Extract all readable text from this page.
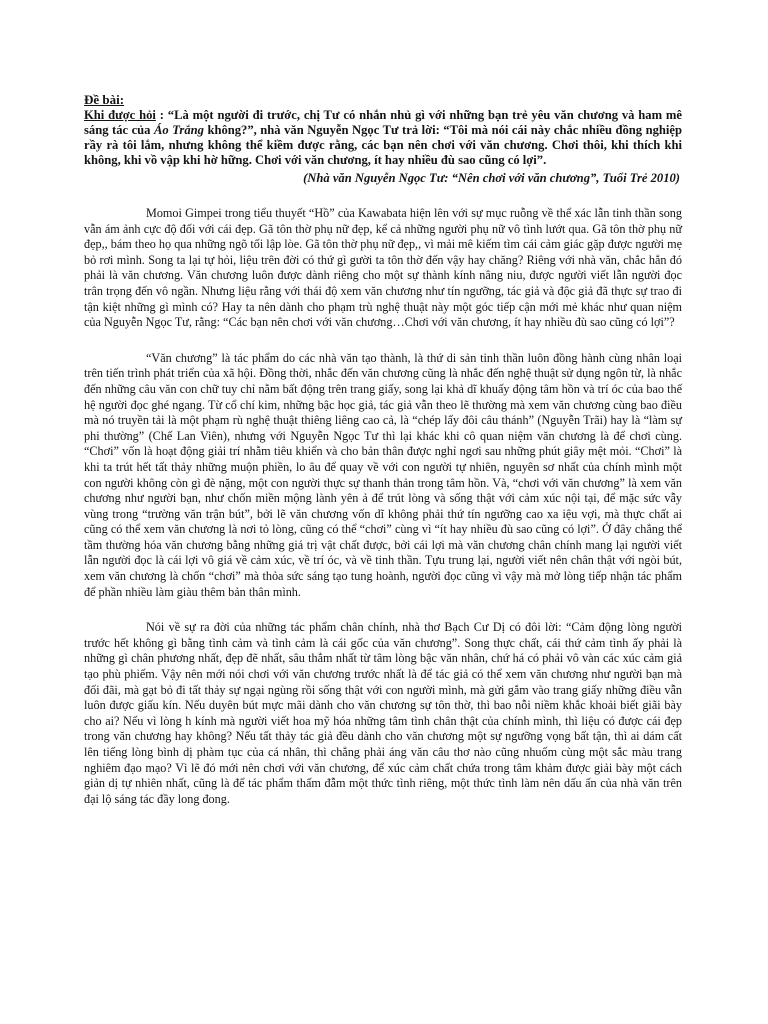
Đề bài:

Khi được hỏi : “Là một người đi trước, chị Tư có nhắn nhủ gì với những bạn trẻ yêu văn chương và ham mê sáng tác của Áo Trắng không?”, nhà văn Nguyễn Ngọc Tư trả lời: “Tôi mà nói cái này chắc nhiều đồng nghiệp rầy rà tôi lắm, nhưng không thể kiềm được rằng, các bạn nên chơi với văn chương. Chơi thôi, khi thích khi không, khi vồ vập khi hờ hững. Chơi với văn chương, ít hay nhiều đù sao cũng có lợi”.

(Nhà văn Nguyễn Ngọc Tư: “Nên chơi với văn chương”, Tuổi Trẻ 2010)

Momoi Gimpei trong tiểu thuyết “Hồ” của Kawabata hiện lên với sự mục ruỗng về thể xác lẫn tinh thần song vẫn ám ảnh cực độ đối với cái đẹp. Gã tôn thờ phụ nữ đẹp, kể cả những người phụ nữ vô tình lướt qua. Gã tôn thờ phụ nữ đẹp,, bám theo họ qua những ngõ tối lập lòe. Gã tôn thờ phụ nữ đẹp,, vì mải mê kiếm tìm cái cảm giác gặp được người mẹ bỏ rơi mình. Song ta lại tự hỏi, liệu trên đời có thứ gì gười ta tôn thờ đến vậy hay chăng? Riêng với nhà văn, chắc hẳn đó phải là văn chương. Văn chương luôn được dành riêng cho một sự thành kính nâng niu, được người viết lẫn người đọc trân trọng đến vô ngần. Nhưng liệu rằng với thái độ xem văn chương như tín ngưỡng, tác giả và độc giả đã thực sự trao đi tận kiệt những gì mình có? Hay ta nên dành cho phạm trù nghệ thuật này một góc tiếp cận mới mẻ khác như quan niệm của Nguyễn Ngọc Tư, rằng: “Các bạn nên chơi với văn chương…Chơi với văn chương, ít hay nhiều đù sao cũng có lợi”?

“Văn chương” là tác phẩm do các nhà văn tạo thành, là thứ di sản tinh thần luôn đồng hành cùng nhân loại trên tiến trình phát triển của xã hội. Đồng thời, nhắc đến văn chương cũng là nhắc đến nghệ thuật sử dụng ngôn từ, là nhắc đến những câu văn con chữ tuy chỉ nằm bất động trên trang giấy, song lại khả dĩ khuấy động tâm hồn và trí óc của bao thế hệ người đọc ghé ngang. Từ cổ chí kim, những bậc học giả, tác giả vẫn theo lẽ thường mà xem văn chương cùng bao điều mà nó truyền tải là một phạm rù nghệ thuật thiêng liêng cao cả, là “chép lấy đôi câu thánh” (Nguyễn Trãi) hay là “làm sự phi thường” (Chế Lan Viên), nhưng với Nguyễn Ngọc Tư thì lại khác khi cô quan niệm văn chương là để chơi cùng. “Chơi” vốn là hoạt động giải trí nhằm tiêu khiển và cho bản thân được nghỉ ngơi sau những phút giây mệt mỏi. “Chơi” là khi ta trút hết tất thảy những muộn phiền, lo âu để quay về với con người tự nhiên, nguyên sơ nhất của chính mình một con người không còn gì đè nặng, một con người thực sự thanh thản trong tâm hồn. Và, “chơi với văn chương” là xem văn chương như người bạn, như chốn miền mộng lành yên ả để trút lòng và sống thật với cảm xúc nội tại, để mặc sức vẫy vùng trong “trường văn trận bút”, bởi lẽ văn chương vốn dĩ không phải thứ tín ngưỡng cao xa iệu vợi, mà thực chất ai cũng có thể xem văn chương là nơi tỏ lòng, cũng có thể “chơi” cùng vì “ít hay nhiều đù sao cũng có lợi”. Ở đây chẳng thể tầm thường hóa văn chương bằng những giá trị vật chất được, bởi cái lợi mà văn chương chân chính mang lại người viết lẫn người đọc là cái lợi vô giá về cảm xúc, về trí óc, và về tinh thần. Tựu trung lại, người viết nên chân thật với ngòi bút, xem văn chương là chốn “chơi” mà thỏa sức sáng tạo tung hoành, người đọc cũng vì vậy mà mở lòng tiếp nhận tác phẩm để phần nhiều làm giàu thêm bản thân mình.

Nói về sự ra đời của những tác phẩm chân chính, nhà thơ Bạch Cư Dị có đôi lời: “Cảm động lòng người trước hết không gì bằng tình cảm và tình cảm là cái gốc của văn chương”. Song thực chất, cái thứ cảm tình ấy phải là những gì chân phương nhất, đẹp đẽ nhất, sâu thẳm nhất từ tâm lòng bậc văn nhân, chứ há có phải vô vàn các xúc cảm giả tạo phù phiếm. Vậy nên mới nói chơi với văn chương trước nhất là để tác giả có thể xem văn chương như người bạn mà đối đãi, mà gạt bỏ đi tất thảy sự ngại ngùng rồi sống thật với con người mình, mà gửi gắm vào trang giấy những điều vẫn luôn được giấu kín. Nếu duyên bút mực mãi dành cho văn chương sự tôn thờ, thì bao nỗi niềm khắc khoải biết giãi bày cho ai? Nếu vì lòng h kính mà người viết hoa mỹ hóa những tâm tình chân thật của chính mình, thì liệu có được cái đẹp trong văn chương hay không? Nếu tất thảy tác giả đều dành cho văn chương một sự ngưỡng vọng bất tận, thì ai dám cất lên tiếng lòng bình dị phàm tục của cá nhân, thì chẳng phải áng văn câu thơ nào cũng nhuốm cùng một sắc màu trang nghiêm đạo mạo? Vì lẽ đó mới nên chơi với văn chương, để xúc cảm chất chứa trong tâm khảm được giải bày một cách giản dị tự nhiên nhất, cũng là để tác phẩm thấm đẫm một thức tình riêng, một thức tình làm nên dấu ấn của nhà văn trên đại lộ sáng tác đầy long đong.
